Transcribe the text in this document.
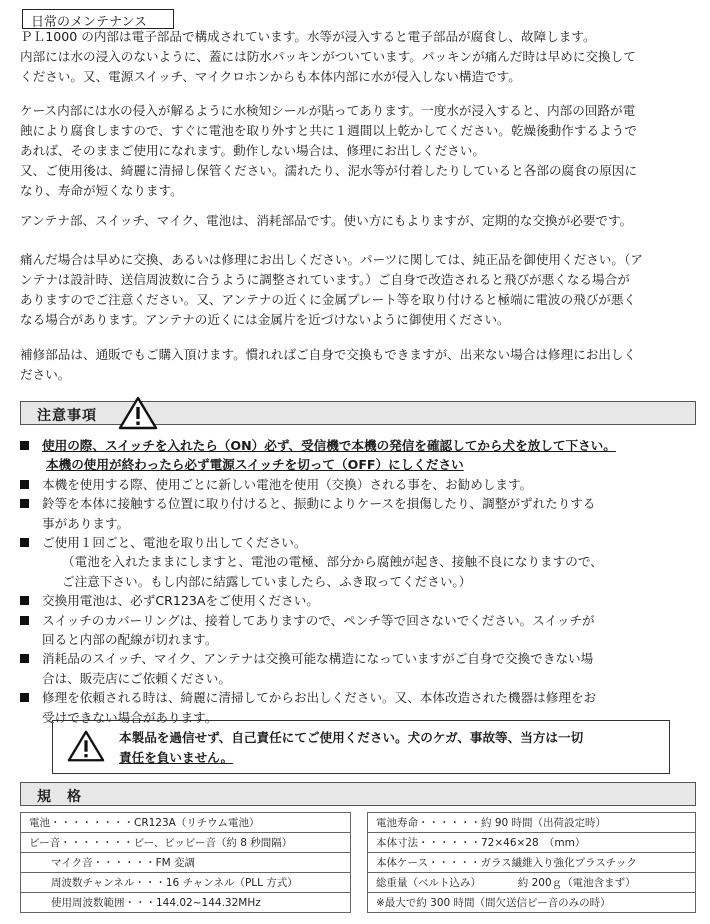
日常のメンテナンス
ＰＬ1000 の内部は電子部品で構成されています。水等が浸入すると電子部品が腐食し、故障します。
内部には水の浸入のないように、蓋には防水パッキンがついています。パッキンが痛んだ時は早めに交換して
ください。又、電源スイッチ、マイクロホンからも本体内部に水が侵入しない構造です。
ケース内部には水の侵入が解るように水検知シールが貼ってあります。一度水が浸入すると、内部の回路が電
蝕により腐食しますので、すぐに電池を取り外すと共に１週間以上乾かしてください。乾燥後動作するようで
あれば、そのままご使用になれます。動作しない場合は、修理にお出しください。
又、ご使用後は、綺麗に清掃し保管ください。濡れたり、泥水等が付着したりしていると各部の腐食の原因に
なり、寿命が短くなります。
アンテナ部、スイッチ、マイク、電池は、消耗部品です。使い方にもよりますが、定期的な交換が必要です。
痛んだ場合は早めに交換、あるいは修理にお出しください。パーツに関しては、純正品を御使用ください。（ア
ンテナは設計時、送信周波数に合うように調整されています。）ご自身で改造されると飛びが悪くなる場合が
ありますのでご注意ください。又、アンテナの近くに金属プレート等を取り付けると極端に電波の飛びが悪く
なる場合があります。アンテナの近くには金属片を近づけないように御使用ください。
補修部品は、通販でもご購入頂けます。慣れればご自身で交換もできますが、出来ない場合は修理にお出しく
ださい。
注意事項
使用の際、スイッチを入れたら（ON）必ず、受信機で本機の発信を確認してから犬を放して下さい。
本機の使用が終わったら必ず電源スイッチを切って（OFF）にしください
本機を使用する際、使用ごとに新しい電池を使用（交換）される事を、お勧めします。
鈴等を本体に接触する位置に取り付けると、振動によりケースを損傷したり、調整がずれたりする
事があります。
ご使用１回ごと、電池を取り出してください。
（電池を入れたままにしますと、電池の電極、部分から腐蝕が起き、接触不良になりますので、
ご注意下さい。もし内部に結露していましたら、ふき取ってください。）
交換用電池は、必ずCR123Aをご使用ください。
スイッチのカバーリングは、接着してありますので、ペンチ等で回さないでください。スイッチが
回ると内部の配線が切れます。
消耗品のスイッチ、マイク、アンテナは交換可能な構造になっていますがご自身で交換できない場
合は、販売店にご依頼ください。
修理を依頼される時は、綺麗に清掃してからお出しください。又、本体改造された機器は修理をお
受けできない場合があります。
本製品を過信せず、自己責任にてご使用ください。犬のケガ、事故等、当方は一切
責任を負いません。
規　格
電池・・・・・・・・CR123A（リチウム電池）		電池寿命・・・・・・約 90 時間（出荷設定時）
ビー音・・・・・・・ビー、ビッビー音（約 8 秒間隔）		本体寸法・・・・・・72×46×28　（mm）
マイク音・・・・・・FM 変調		本体ケース・・・・・ガラス繊維入り強化プラスチック
周波数チャンネル・・・16 チャンネル（PLL 方式）		総重量（ベルト込み）　　　　約 200ｇ（電池含まず）
使用周波数範囲・・・144.02~144.32MHz		※最大で約 300 時間（間欠送信ピー音のみの時）
